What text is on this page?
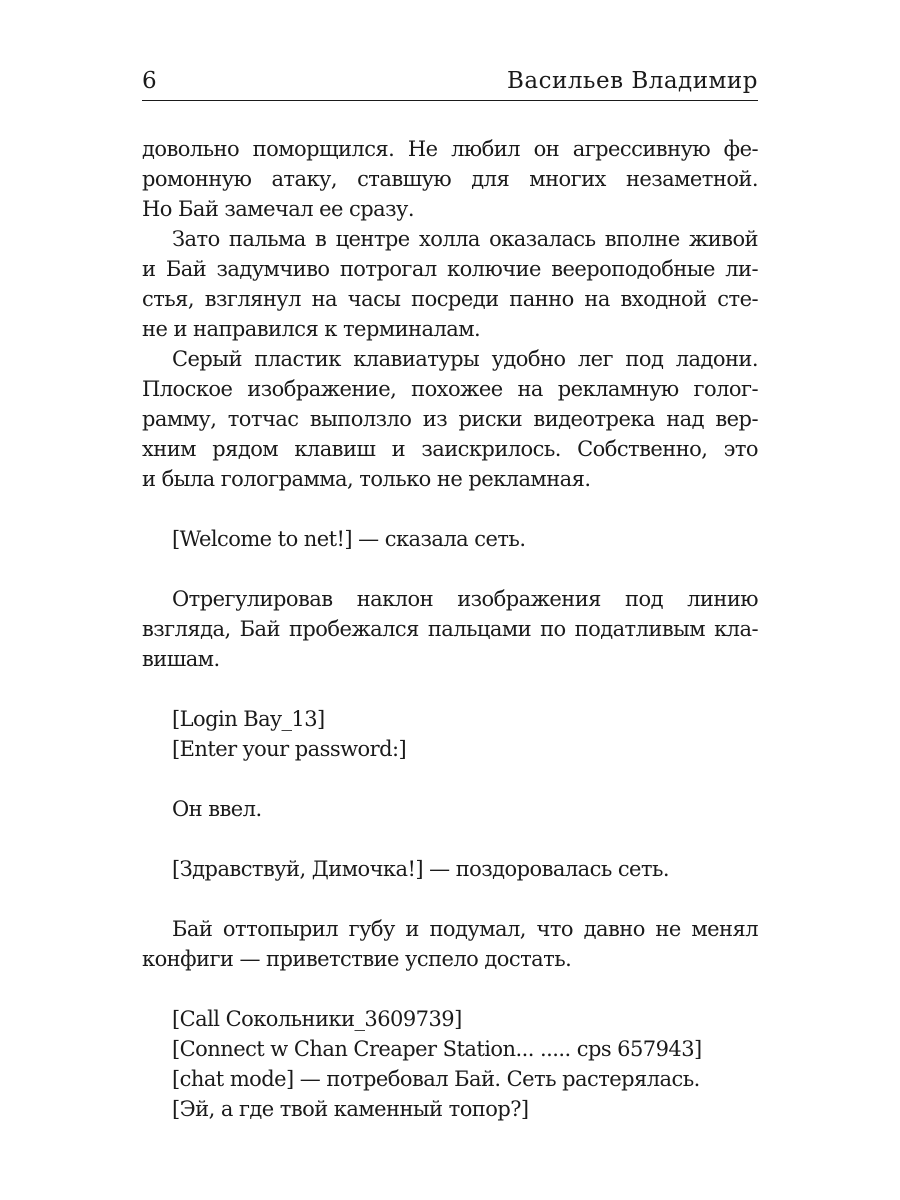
6	Васильев Владимир

довольно поморщился. Не любил он агрессивную фе-
ромонную атаку, ставшую для многих незаметной.
Но Бай замечал ее сразу.

Зато пальма в центре холла оказалась вполне живой
и Бай задумчиво потрогал колючие веероподобные ли-
стья, взглянул на часы посреди панно на входной сте-
не и направился к терминалам.

Серый пластик клавиатуры удобно лег под ладони.
Плоское изображение, похожее на рекламную голог-
рамму, тотчас выползло из риски видеотрека над вер-
хним рядом клавиш и заискрилось. Собственно, это
и была голограмма, только не рекламная.

[Welcome to net!] — сказала сеть.

Отрегулировав наклон изображения под линию
взгляда, Бай пробежался пальцами по податливым кла-
вишам.

[Login Bay_13]
[Enter your password:]
Он ввел.
[Здравствуй, Димочка!] — поздоровалась сеть.

Бай оттопырил губу и подумал, что давно не менял
конфиги — приветствие успело достать.

[Call Сокольники_3609739]
[Connect w Chan Creaper Station... ..... cps 657943]
[chat mode] — потребовал Бай. Сеть растерялась.
[Эй, а где твой каменный топор?]
